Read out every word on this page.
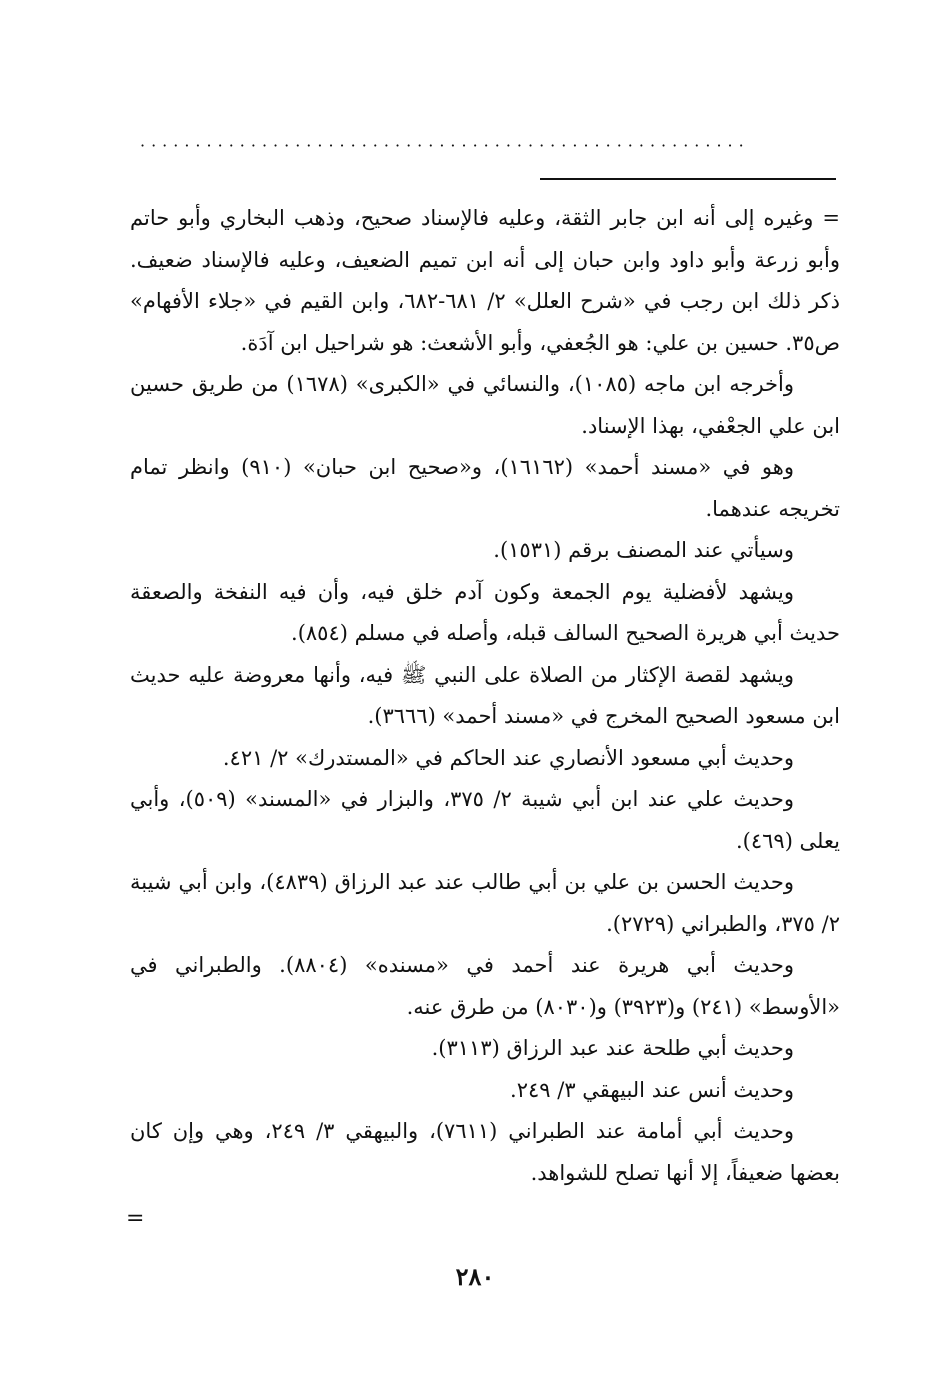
·······················································

= وغيره إلى أنه ابن جابر الثقة، وعليه فالإسناد صحيح، وذهب البخاري وأبو حاتم وأبو زرعة وأبو داود وابن حبان إلى أنه ابن تميم الضعيف، وعليه فالإسناد ضعيف. ذكر ذلك ابن رجب في «شرح العلل» ٢/ ٦٨١-٦٨٢، وابن القيم في «جلاء الأفهام» ص٣٥. حسين بن علي: هو الجُعفي، وأبو الأشعث: هو شراحيل ابن آدَة.

وأخرجه ابن ماجه (١٠٨٥)، والنسائي في «الكبرى» (١٦٧٨) من طريق حسين ابن علي الجعْفي، بهذا الإسناد.

وهو في «مسند أحمد» (١٦١٦٢)، و«صحيح ابن حبان» (٩١٠) وانظر تمام تخريجه عندهما.

وسيأتي عند المصنف برقم (١٥٣١).

ويشهد لأفضلية يوم الجمعة وكون آدم خلق فيه، وأن فيه النفخة والصعقة حديث أبي هريرة الصحيح السالف قبله، وأصله في مسلم (٨٥٤).

ويشهد لقصة الإكثار من الصلاة على النبي ﷺ فيه، وأنها معروضة عليه حديث ابن مسعود الصحيح المخرج في «مسند أحمد» (٣٦٦٦).

وحديث أبي مسعود الأنصاري عند الحاكم في «المستدرك» ٢/ ٤٢١.

وحديث علي عند ابن أبي شيبة ٢/ ٣٧٥، والبزار في «المسند» (٥٠٩)، وأبي يعلى (٤٦٩).

وحديث الحسن بن علي بن أبي طالب عند عبد الرزاق (٤٨٣٩)، وابن أبي شيبة ٢/ ٣٧٥، والطبراني (٢٧٢٩).

وحديث أبي هريرة عند أحمد في «مسنده» (٨٨٠٤). والطبراني في «الأوسط» (٢٤١) و(٣٩٢٣) و(٨٠٣٠) من طرق عنه.

وحديث أبي طلحة عند عبد الرزاق (٣١١٣).

وحديث أنس عند البيهقي ٣/ ٢٤٩.

وحديث أبي أمامة عند الطبراني (٧٦١١)، والبيهقي ٣/ ٢٤٩، وهي وإن كان بعضها ضعيفاً، إلا أنها تصلح للشواهد.

=
٢٨٠
